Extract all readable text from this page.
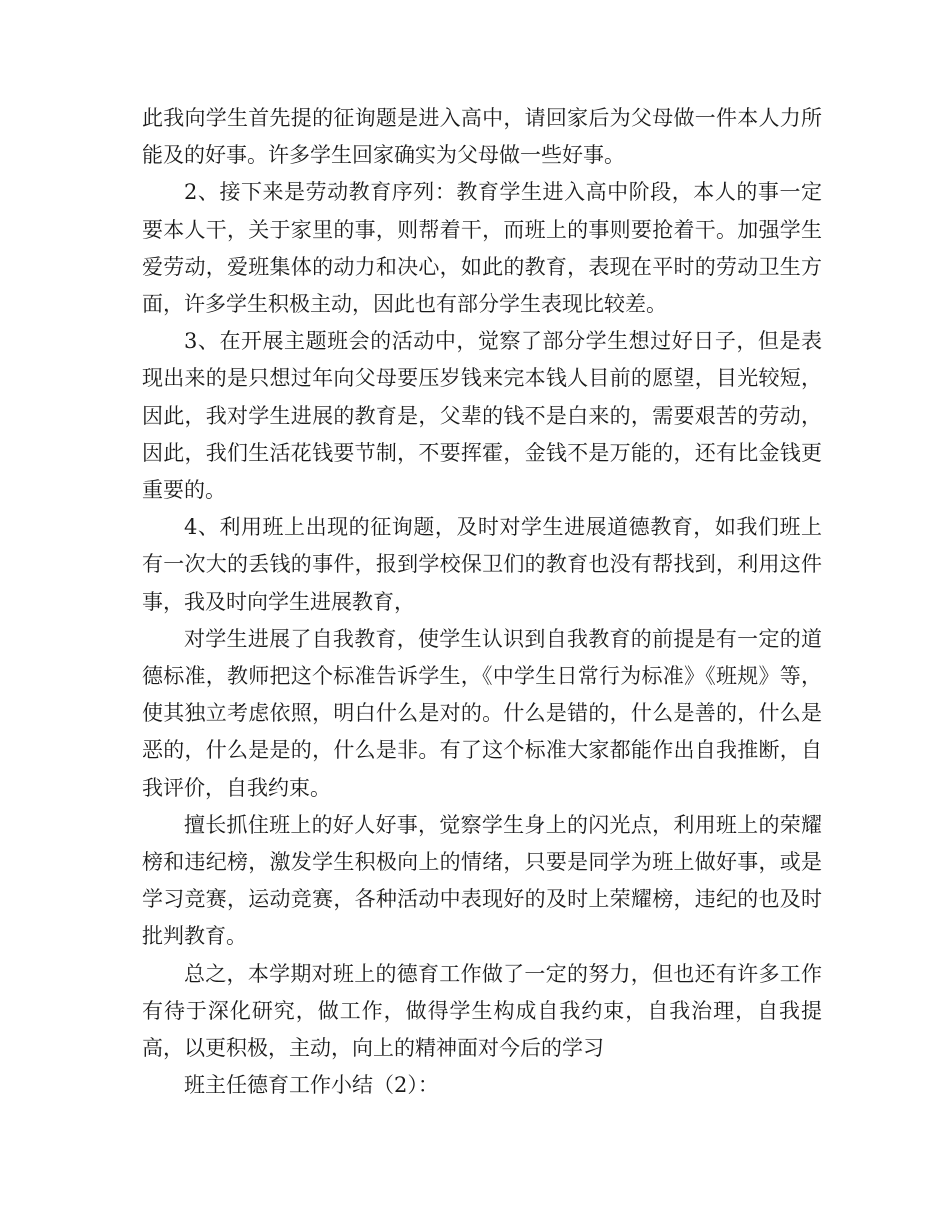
此我向学生首先提的征询题是进入高中，请回家后为父母做一件本人力所能及的好事。许多学生回家确实为父母做一些好事。

2、接下来是劳动教育序列：教育学生进入高中阶段，本人的事一定要本人干，关于家里的事，则帮着干，而班上的事则要抢着干。加强学生爱劳动，爱班集体的动力和决心，如此的教育，表现在平时的劳动卫生方面，许多学生积极主动，因此也有部分学生表现比较差。

3、在开展主题班会的活动中，觉察了部分学生想过好日子，但是表现出来的是只想过年向父母要压岁钱来完本钱人目前的愿望，目光较短，因此，我对学生进展的教育是，父辈的钱不是白来的，需要艰苦的劳动，因此，我们生活花钱要节制，不要挥霍，金钱不是万能的，还有比金钱更重要的。

4、利用班上出现的征询题，及时对学生进展道德教育，如我们班上有一次大的丢钱的事件，报到学校保卫们的教育也没有帮找到，利用这件事，我及时向学生进展教育，

对学生进展了自我教育，使学生认识到自我教育的前提是有一定的道德标准，教师把这个标准告诉学生，《中学生日常行为标准》《班规》等，使其独立考虑依照，明白什么是对的。什么是错的，什么是善的，什么是恶的，什么是是的，什么是非。有了这个标准大家都能作出自我推断，自我评价，自我约束。

擅长抓住班上的好人好事，觉察学生身上的闪光点，利用班上的荣耀榜和违纪榜，激发学生积极向上的情绪，只要是同学为班上做好事，或是学习竞赛，运动竞赛，各种活动中表现好的及时上荣耀榜，违纪的也及时批判教育。

总之，本学期对班上的德育工作做了一定的努力，但也还有许多工作有待于深化研究，做工作，做得学生构成自我约束，自我治理，自我提高，以更积极，主动，向上的精神面对今后的学习

班主任德育工作小结（2）：
